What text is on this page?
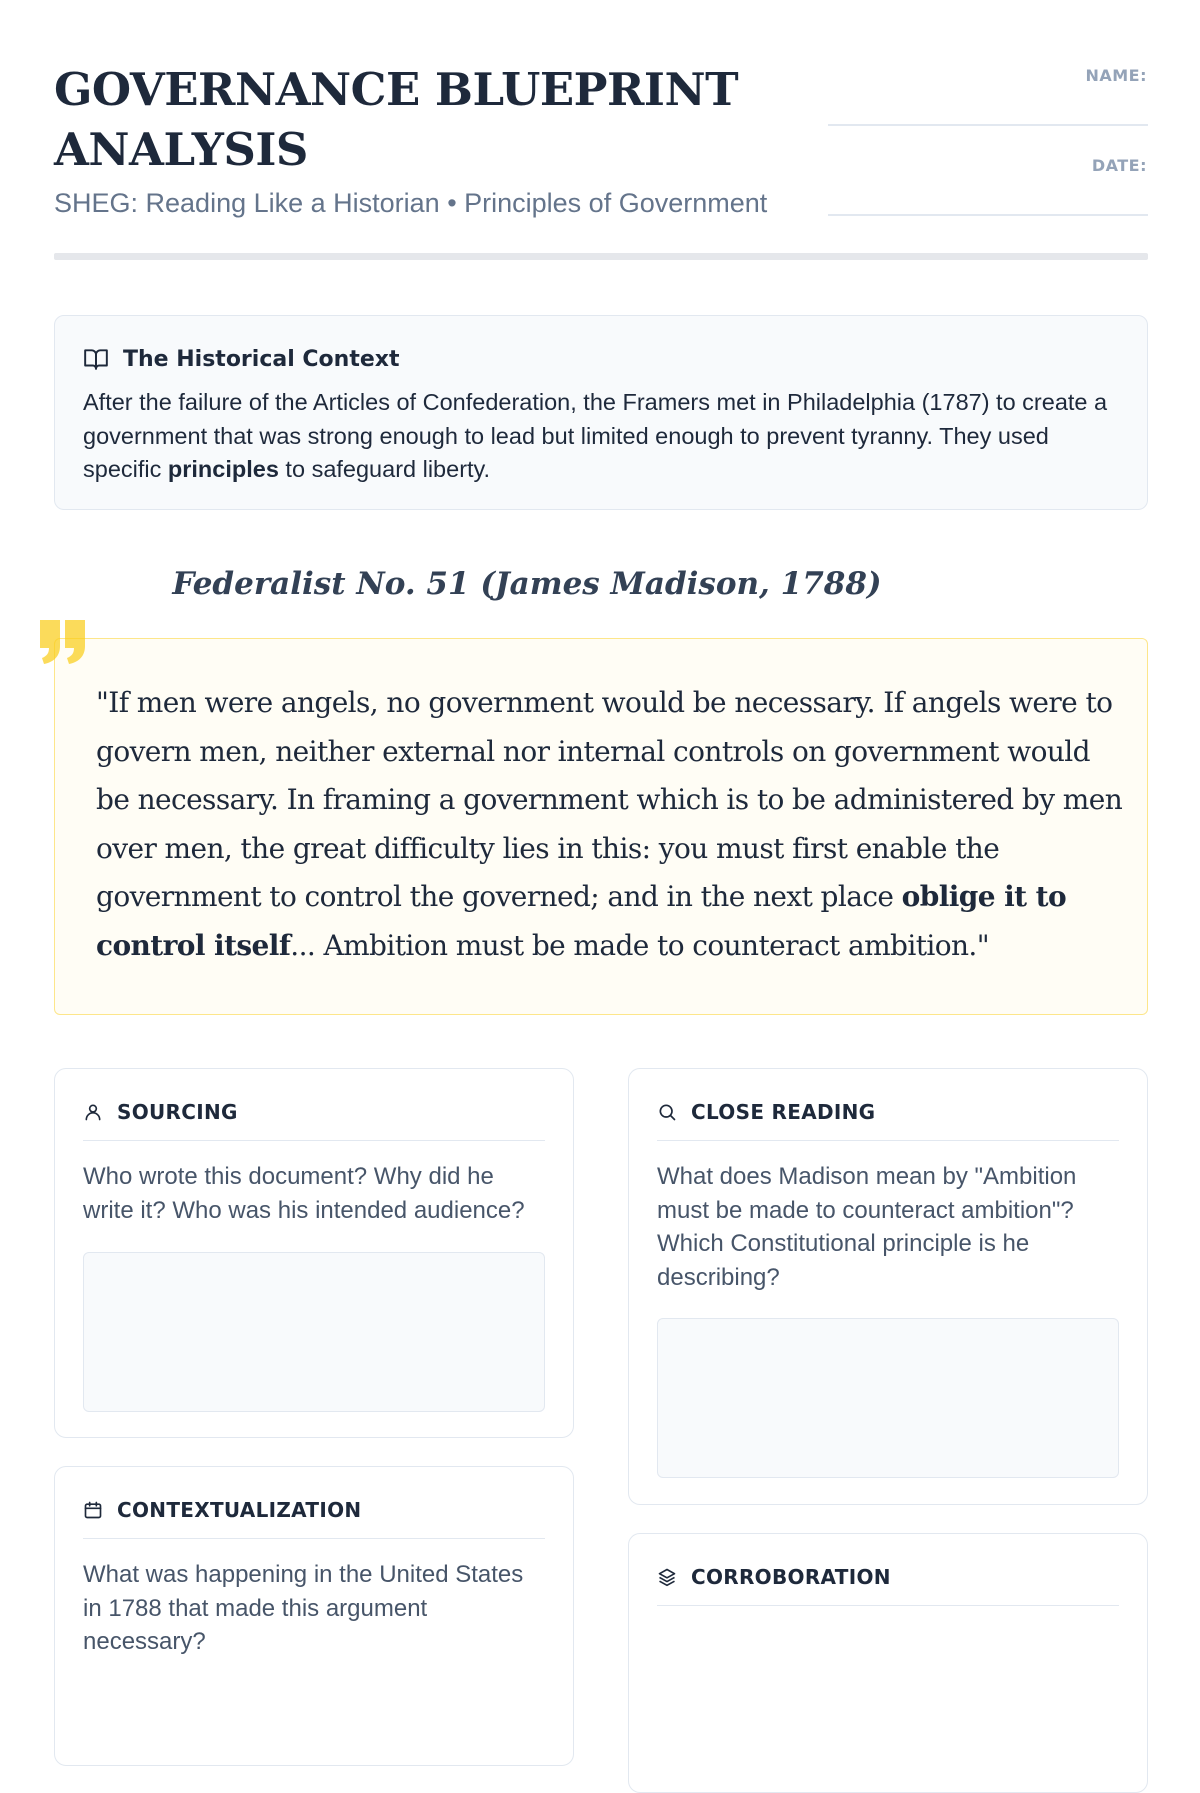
GOVERNANCE BLUEPRINT ANALYSIS
SHEG: Reading Like a Historian • Principles of Government
NAME:
DATE:
The Historical Context

After the failure of the Articles of Confederation, the Framers met in Philadelphia (1787) to create a government that was strong enough to lead but limited enough to prevent tyranny. They used specific principles to safeguard liberty.

Federalist No. 51 (James Madison, 1788)

"If men were angels, no government would be necessary. If angels were to govern men, neither external nor internal controls on government would be necessary. In framing a government which is to be administered by men over men, the great difficulty lies in this: you must first enable the government to control the governed; and in the next place oblige it to control itself... Ambition must be made to counteract ambition."

SOURCING

Who wrote this document? Why did he write it? Who was his intended audience?

CLOSE READING

What does Madison mean by "Ambition must be made to counteract ambition"? Which Constitutional principle is he describing?

CONTEXTUALIZATION

What was happening in the United States in 1788 that made this argument necessary?

CORROBORATION
